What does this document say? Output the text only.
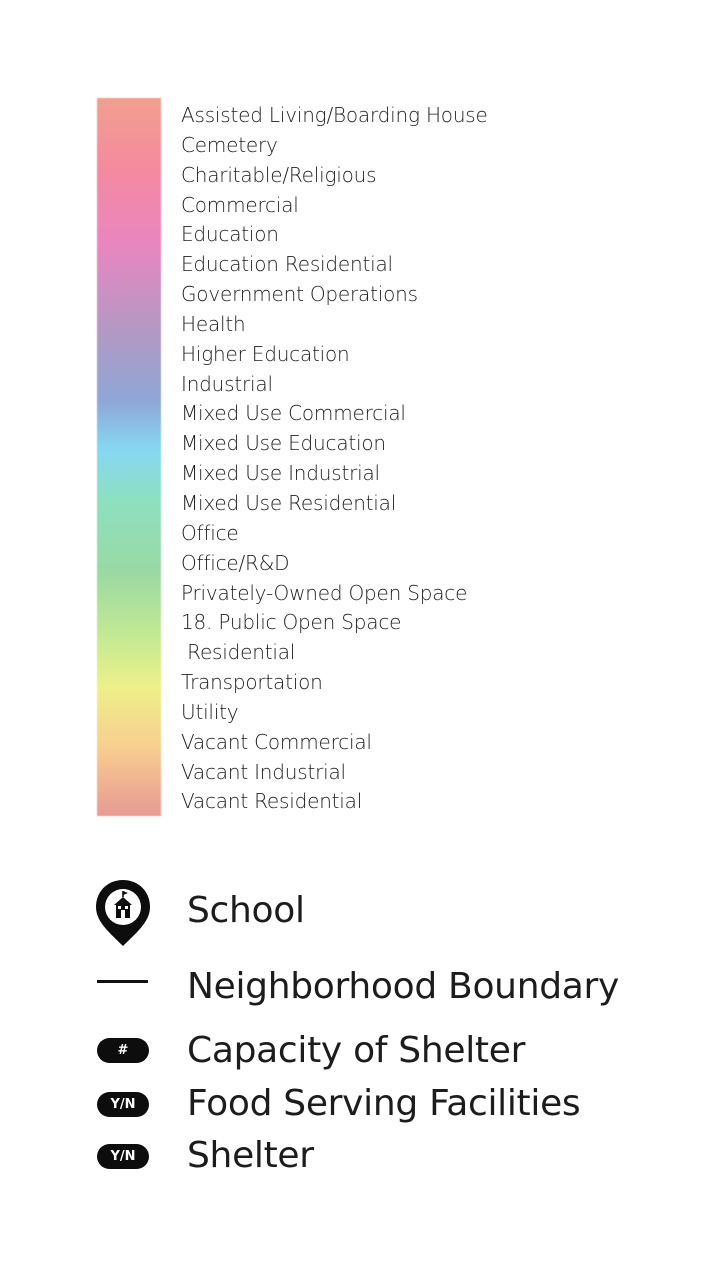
Assisted Living/Boarding House
Cemetery
Charitable/Religious
Commercial
Education
Education Residential
Government Operations
Health
Higher Education
Industrial
Mixed Use Commercial
Mixed Use Education
Mixed Use Industrial
Mixed Use Residential
Office
Office/R&D
Privately-Owned Open Space
18. Public Open Space
Residential
Transportation
Utility
Vacant Commercial
Vacant Industrial
Vacant Residential
School
Neighborhood Boundary
#	Capacity of Shelter
Y/N	Food Serving Facilities
Y/N	Shelter
